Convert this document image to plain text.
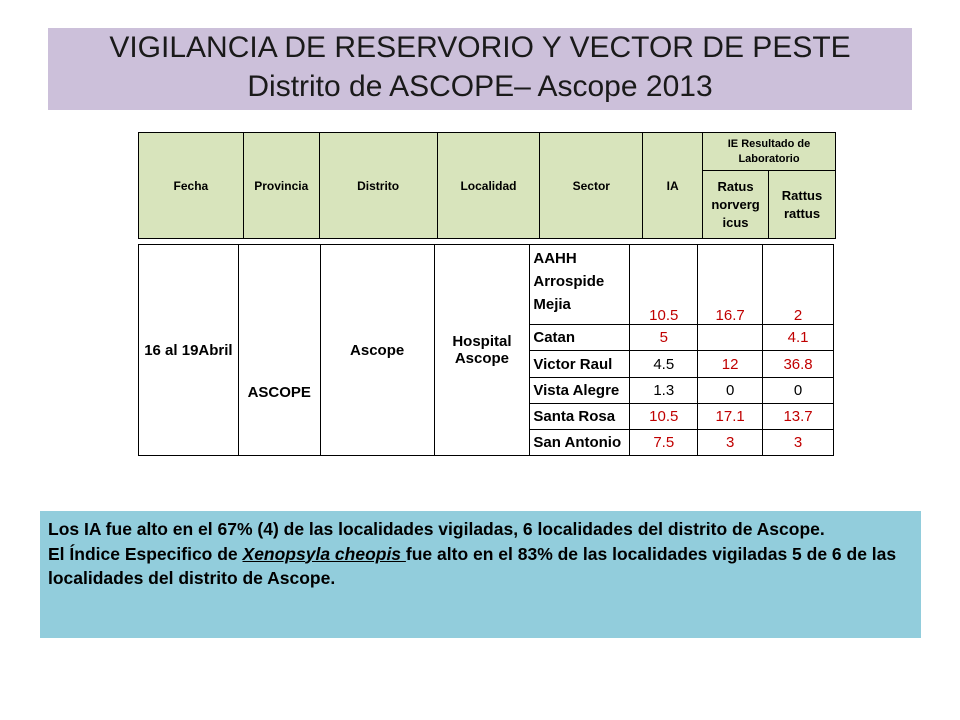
VIGILANCIA DE RESERVORIO Y VECTOR DE PESTE
Distrito de ASCOPE– Ascope 2013
Fecha	Provincia	Distrito	Localidad	Sector	IA	IE Resultado de Laboratorio	
						Ratus norverg icus	Rattus rattus
16 al 19Abril	ASCOPE	Ascope	Hospital Ascope	AAHH Arrospide Mejia	10.5	16.7	2
				Catan	5		4.1
				Victor Raul	4.5	12	36.8
				Vista Alegre	1.3	0	0
				Santa Rosa	10.5	17.1	13.7
				San Antonio	7.5	3	3
Los IA fue alto en el 67% (4) de las localidades vigiladas, 6 localidades del distrito de Ascope.
El Índice Especifico de Xenopsyla cheopis fue alto en el 83% de las localidades vigiladas 5 de 6 de las localidades del distrito de Ascope.
